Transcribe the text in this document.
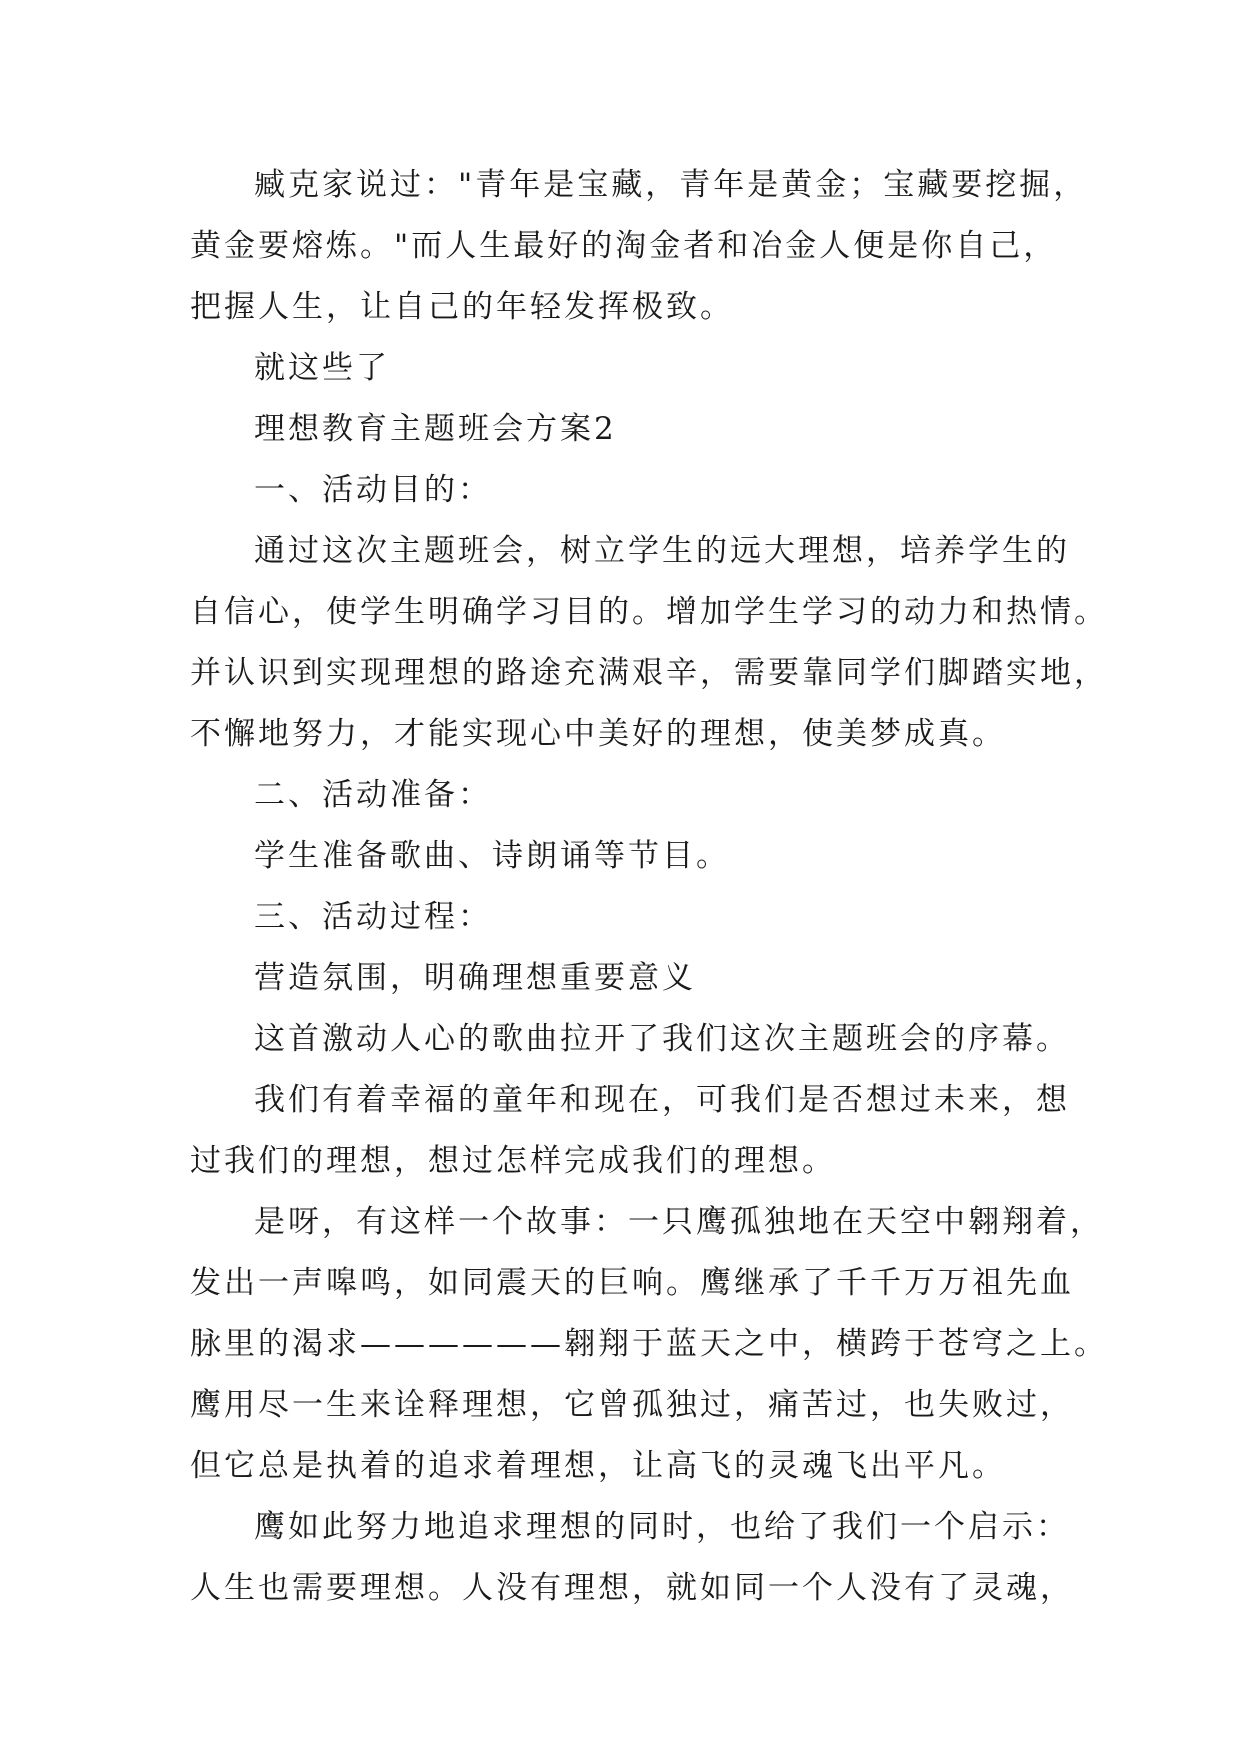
臧克家说过："青年是宝藏，青年是黄金；宝藏要挖掘，
黄金要熔炼。"而人生最好的淘金者和冶金人便是你自己，
把握人生，让自己的年轻发挥极致。
就这些了
理想教育主题班会方案2
一、活动目的：
通过这次主题班会，树立学生的远大理想，培养学生的
自信心，使学生明确学习目的。增加学生学习的动力和热情。
并认识到实现理想的路途充满艰辛，需要靠同学们脚踏实地，
不懈地努力，才能实现心中美好的理想，使美梦成真。
二、活动准备：
学生准备歌曲、诗朗诵等节目。
三、活动过程：
营造氛围，明确理想重要意义
这首激动人心的歌曲拉开了我们这次主题班会的序幕。
我们有着幸福的童年和现在，可我们是否想过未来，想
过我们的理想，想过怎样完成我们的理想。
是呀，有这样一个故事：一只鹰孤独地在天空中翱翔着，
发出一声嗥鸣，如同震天的巨响。鹰继承了千千万万祖先血
脉里的渴求——————翱翔于蓝天之中，横跨于苍穹之上。
鹰用尽一生来诠释理想，它曾孤独过，痛苦过，也失败过，
但它总是执着的追求着理想，让高飞的灵魂飞出平凡。
鹰如此努力地追求理想的同时，也给了我们一个启示：
人生也需要理想。人没有理想，就如同一个人没有了灵魂，
